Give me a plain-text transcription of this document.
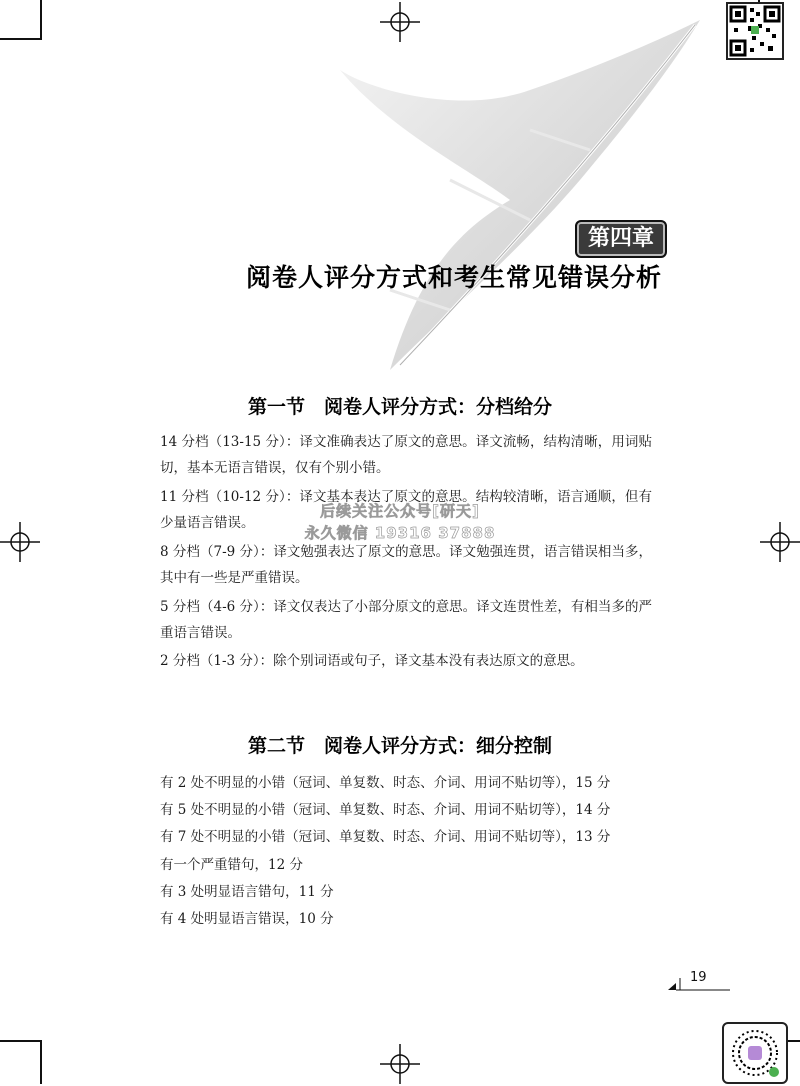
第四章
阅卷人评分方式和考生常见错误分析
第一节　阅卷人评分方式：分档给分
14 分档（13-15 分）：译文准确表达了原文的意思。译文流畅，结构清晰，用词贴切，基本无语言错误，仅有个别小错。
11 分档（10-12 分）：译文基本表达了原文的意思。结构较清晰，语言通顺，但有少量语言错误。
8 分档（7-9 分）：译文勉强表达了原文的意思。译文勉强连贯，语言错误相当多，其中有一些是严重错误。
5 分档（4-6 分）：译文仅表达了小部分原文的意思。译文连贯性差，有相当多的严重语言错误。
2 分档（1-3 分）：除个别词语或句子，译文基本没有表达原文的意思。
后续关注公众号[研天]
永久微信 19316 37888
第二节　阅卷人评分方式：细分控制
有 2 处不明显的小错（冠词、单复数、时态、介词、用词不贴切等），15 分
有 5 处不明显的小错（冠词、单复数、时态、介词、用词不贴切等），14 分
有 7 处不明显的小错（冠词、单复数、时态、介词、用词不贴切等），13 分
有一个严重错句，12 分
有 3 处明显语言错句，11 分
有 4 处明显语言错误，10 分
19
